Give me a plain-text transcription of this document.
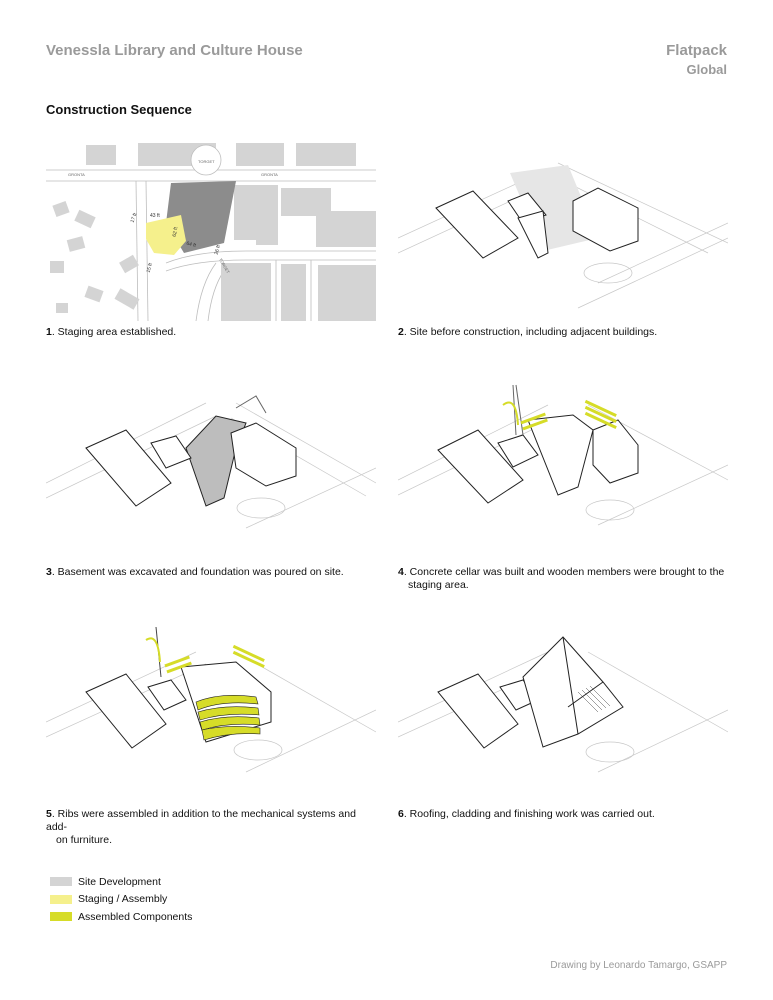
Venessla Library and Culture House	Flatpack
Global
Construction Sequence
TORGET
GRONTA	GRONTA
TORGET
17 ft 43 ft
62 ft
64 ft
15 ft
26 ft
1. Staging area established.	2. Site before construction, including adjacent buildings.
3. Basement was excavated and foundation was poured on site.	4. Concrete cellar was built and wooden members were brought to the
staging area.
5. Ribs were assembled in addition to the mechanical systems and add-
on furniture.
6. Roofing, cladding and finishing work was carried out.
Site Development
Staging / Assembly
Assembled Components
Drawing by Leonardo Tamargo, GSAPP
